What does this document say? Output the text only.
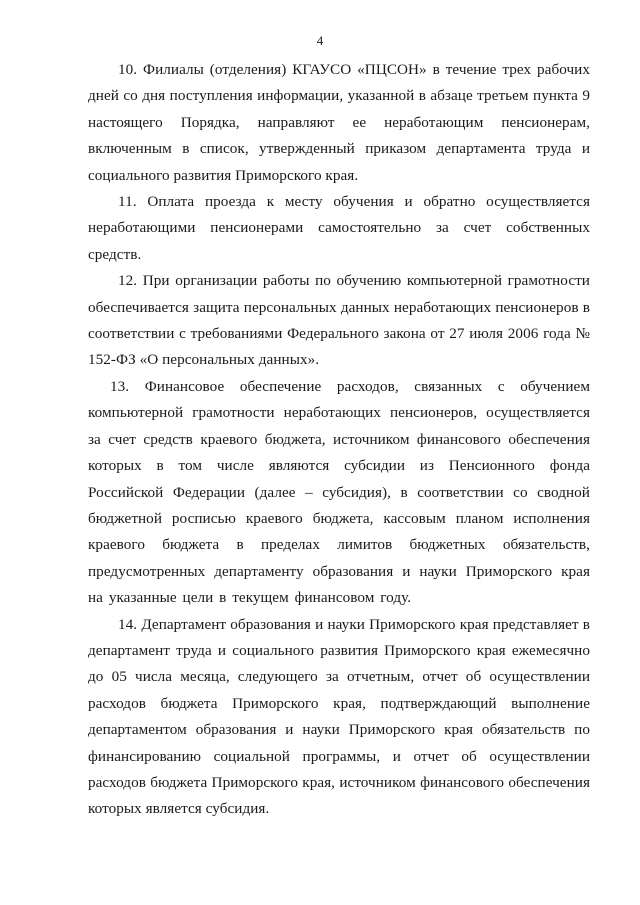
4

10. Филиалы (отделения) КГАУСО «ПЦСОН» в течение трех рабочих дней со дня поступления информации, указанной в абзаце третьем пункта 9 настоящего Порядка, направляют ее неработающим пенсионерам, включенным в список, утвержденный приказом департамента труда и социального развития Приморского края.

11. Оплата проезда к месту обучения и обратно осуществляется неработающими пенсионерами самостоятельно за счет собственных средств.

12. При организации работы по обучению компьютерной грамотности обеспечивается защита персональных данных неработающих пенсионеров в соответствии с требованиями Федерального закона от 27 июля 2006 года № 152-ФЗ «О персональных данных».

13. Финансовое обеспечение расходов, связанных с обучением компьютерной грамотности неработающих пенсионеров, осуществляется за счет средств краевого бюджета, источником финансового обеспечения которых в том числе являются субсидии из Пенсионного фонда Российской Федерации (далее – субсидия), в соответствии со сводной бюджетной росписью краевого бюджета, кассовым планом исполнения краевого бюджета в пределах лимитов бюджетных обязательств, предусмотренных департаменту образования и науки Приморского края на указанные цели в текущем финансовом году.

14. Департамент образования и науки Приморского края представляет в департамент труда и социального развития Приморского края ежемесячно до 05 числа месяца, следующего за отчетным, отчет об осуществлении расходов бюджета Приморского края, подтверждающий выполнение департаментом образования и науки Приморского края обязательств по финансированию социальной программы, и отчет об осуществлении расходов бюджета Приморского края, источником финансового обеспечения которых является субсидия.
